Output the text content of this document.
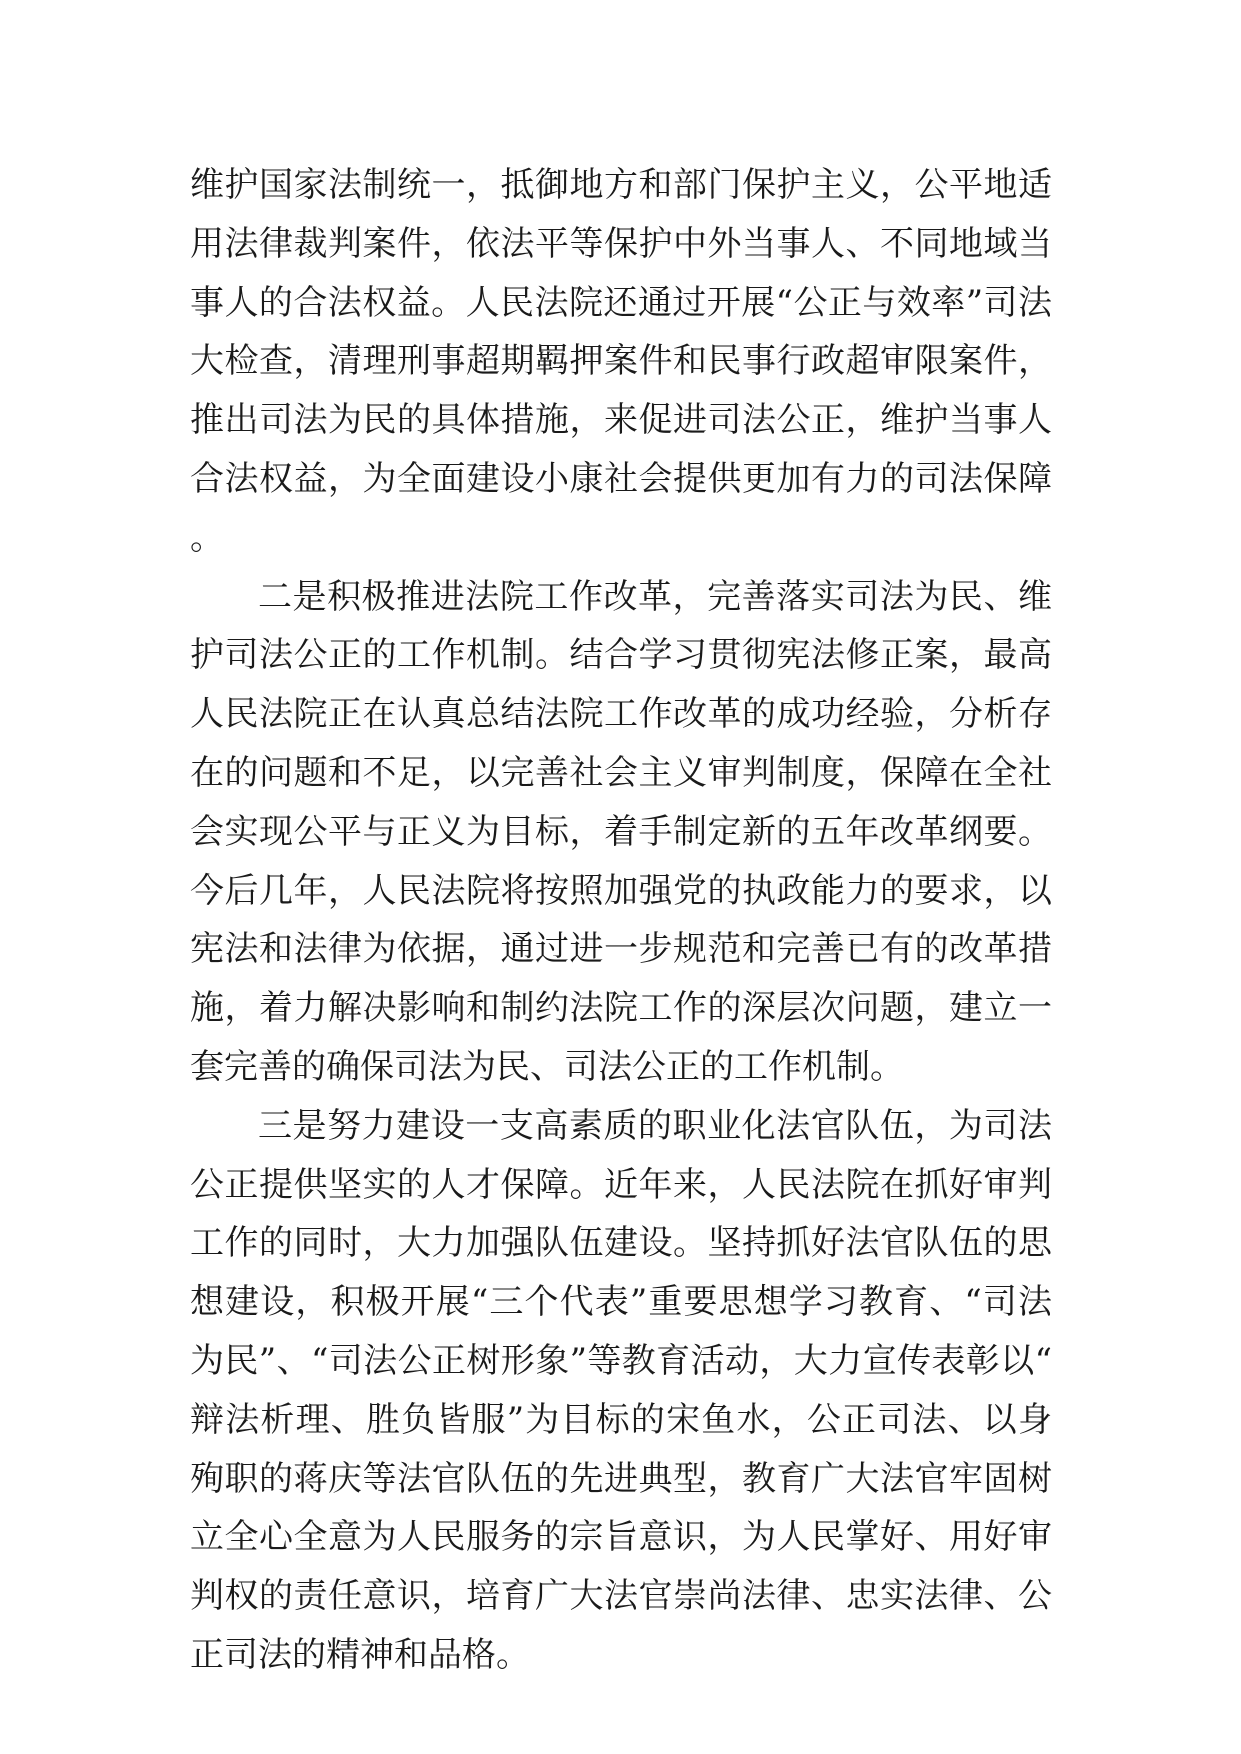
维护国家法制统一，抵御地方和部门保护主义，公平地适用法律裁判案件，依法平等保护中外当事人、不同地域当事人的合法权益。人民法院还通过开展“公正与效率”司法大检查，清理刑事超期羁押案件和民事行政超审限案件，推出司法为民的具体措施，来促进司法公正，维护当事人合法权益，为全面建设小康社会提供更加有力的司法保障。

二是积极推进法院工作改革，完善落实司法为民、维护司法公正的工作机制。结合学习贯彻宪法修正案，最高人民法院正在认真总结法院工作改革的成功经验，分析存在的问题和不足，以完善社会主义审判制度，保障在全社会实现公平与正义为目标，着手制定新的五年改革纲要。今后几年，人民法院将按照加强党的执政能力的要求，以宪法和法律为依据，通过进一步规范和完善已有的改革措施，着力解决影响和制约法院工作的深层次问题，建立一套完善的确保司法为民、司法公正的工作机制。

三是努力建设一支高素质的职业化法官队伍，为司法公正提供坚实的人才保障。近年来，人民法院在抓好审判工作的同时，大力加强队伍建设。坚持抓好法官队伍的思想建设，积极开展“三个代表”重要思想学习教育、“司法为民”、“司法公正树形象”等教育活动，大力宣传表彰以“辩法析理、胜负皆服”为目标的宋鱼水，公正司法、以身殉职的蒋庆等法官队伍的先进典型，教育广大法官牢固树立全心全意为人民服务的宗旨意识，为人民掌好、用好审判权的责任意识，培育广大法官崇尚法律、忠实法律、公正司法的精神和品格。
